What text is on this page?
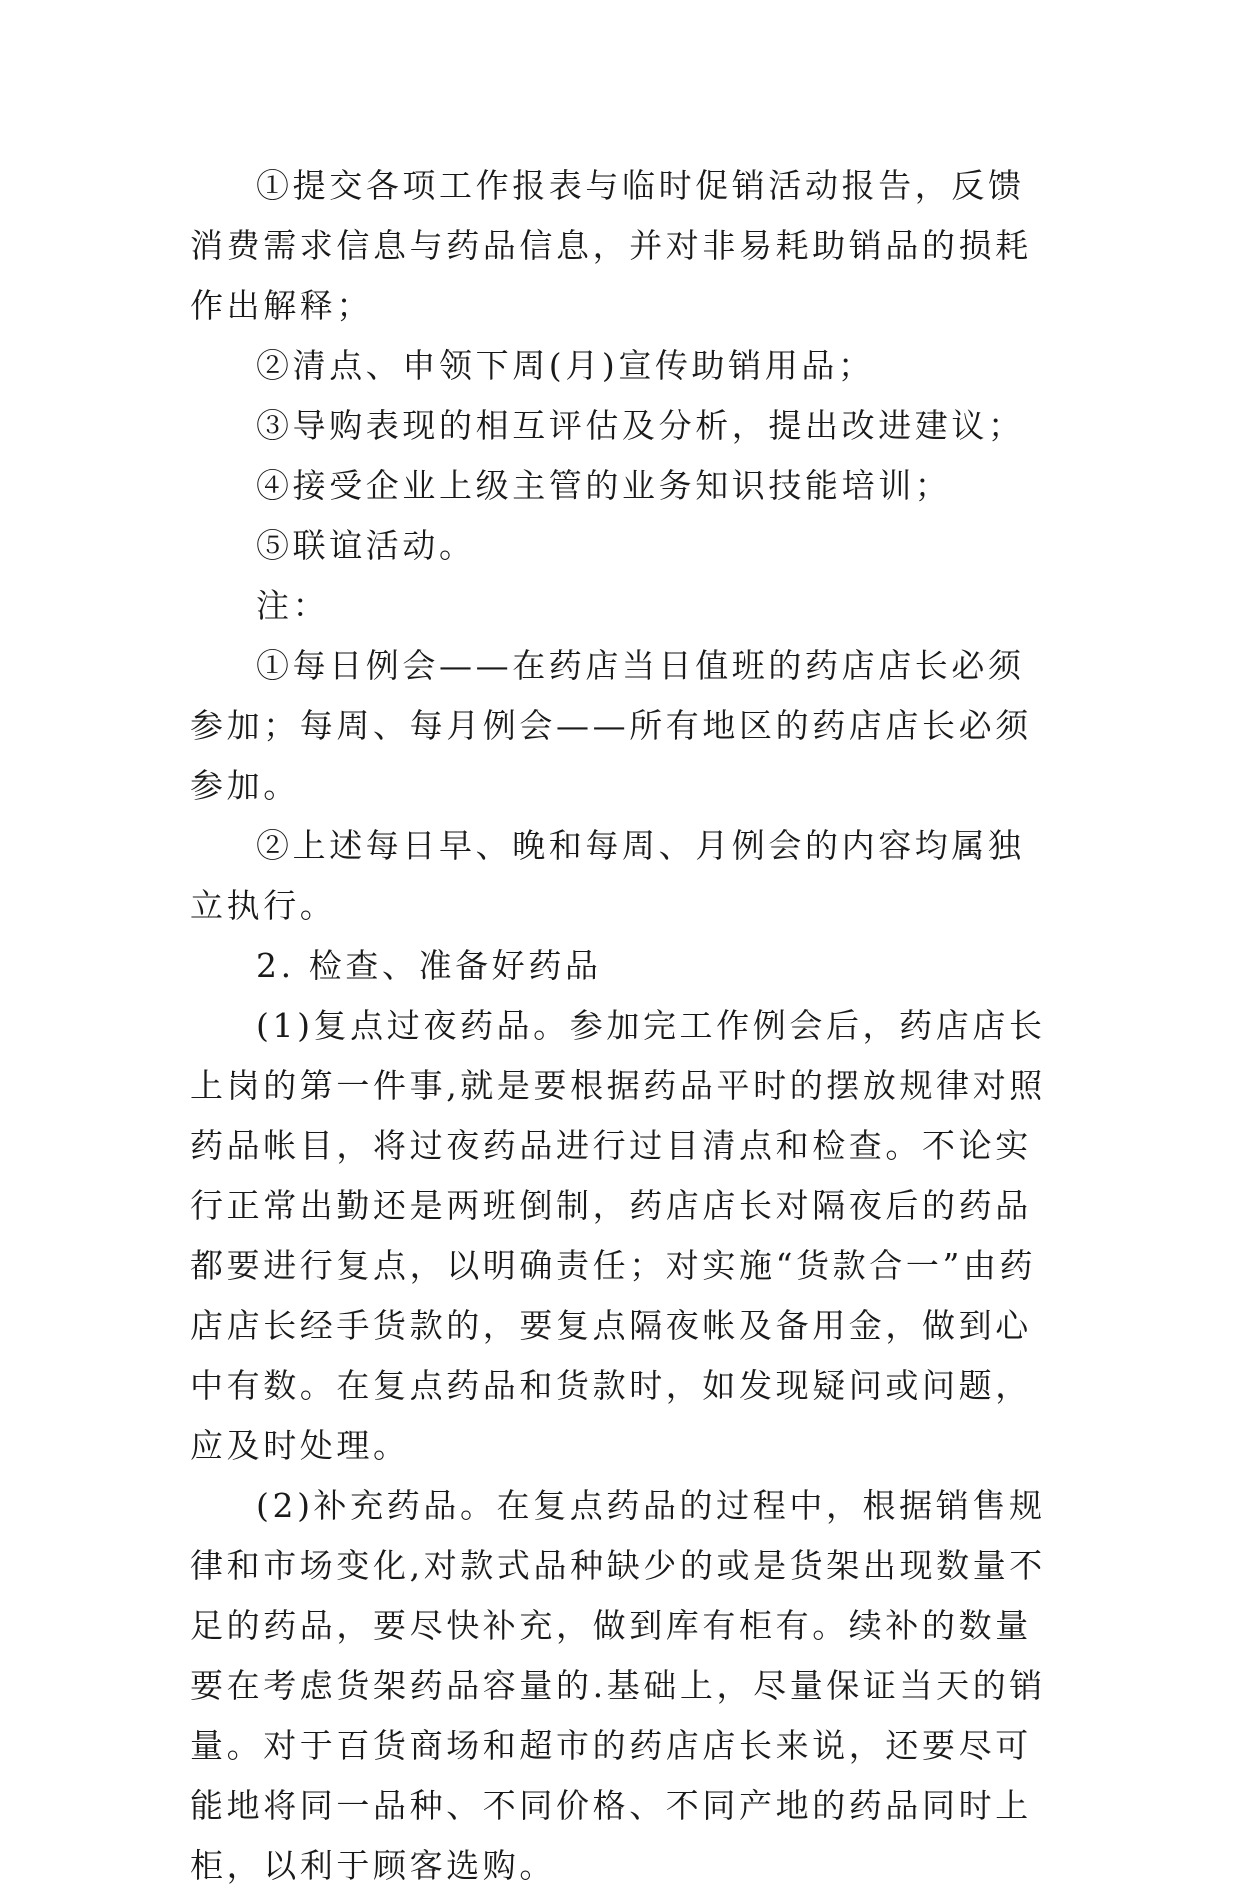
①提交各项工作报表与临时促销活动报告，反馈消费需求信息与药品信息，并对非易耗助销品的损耗作出解释；

②清点、申领下周(月)宣传助销用品；

③导购表现的相互评估及分析，提出改进建议；

④接受企业上级主管的业务知识技能培训；

⑤联谊活动。

注：

①每日例会——在药店当日值班的药店店长必须参加；每周、每月例会——所有地区的药店店长必须参加。

②上述每日早、晚和每周、月例会的内容均属独立执行。

2. 检查、准备好药品

(1)复点过夜药品。参加完工作例会后，药店店长上岗的第一件事,就是要根据药品平时的摆放规律对照药品帐目，将过夜药品进行过目清点和检查。不论实行正常出勤还是两班倒制，药店店长对隔夜后的药品都要进行复点，以明确责任；对实施“货款合一”由药店店长经手货款的，要复点隔夜帐及备用金，做到心中有数。在复点药品和货款时，如发现疑问或问题，应及时处理。

(2)补充药品。在复点药品的过程中，根据销售规律和市场变化,对款式品种缺少的或是货架出现数量不足的药品，要尽快补充，做到库有柜有。续补的数量要在考虑货架药品容量的.基础上，尽量保证当天的销量。对于百货商场和超市的药店店长来说，还要尽可能地将同一品种、不同价格、不同产地的药品同时上柜，以利于顾客选购。
